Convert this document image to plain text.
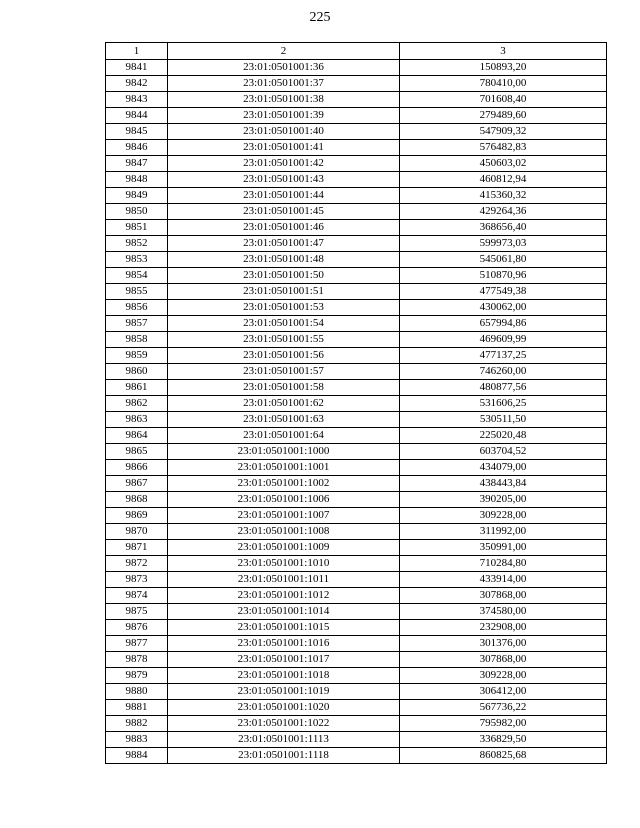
225
1	2	3
9841	23:01:0501001:36	150893,20
9842	23:01:0501001:37	780410,00
9843	23:01:0501001:38	701608,40
9844	23:01:0501001:39	279489,60
9845	23:01:0501001:40	547909,32
9846	23:01:0501001:41	576482,83
9847	23:01:0501001:42	450603,02
9848	23:01:0501001:43	460812,94
9849	23:01:0501001:44	415360,32
9850	23:01:0501001:45	429264,36
9851	23:01:0501001:46	368656,40
9852	23:01:0501001:47	599973,03
9853	23:01:0501001:48	545061,80
9854	23:01:0501001:50	510870,96
9855	23:01:0501001:51	477549,38
9856	23:01:0501001:53	430062,00
9857	23:01:0501001:54	657994,86
9858	23:01:0501001:55	469609,99
9859	23:01:0501001:56	477137,25
9860	23:01:0501001:57	746260,00
9861	23:01:0501001:58	480877,56
9862	23:01:0501001:62	531606,25
9863	23:01:0501001:63	530511,50
9864	23:01:0501001:64	225020,48
9865	23:01:0501001:1000	603704,52
9866	23:01:0501001:1001	434079,00
9867	23:01:0501001:1002	438443,84
9868	23:01:0501001:1006	390205,00
9869	23:01:0501001:1007	309228,00
9870	23:01:0501001:1008	311992,00
9871	23:01:0501001:1009	350991,00
9872	23:01:0501001:1010	710284,80
9873	23:01:0501001:1011	433914,00
9874	23:01:0501001:1012	307868,00
9875	23:01:0501001:1014	374580,00
9876	23:01:0501001:1015	232908,00
9877	23:01:0501001:1016	301376,00
9878	23:01:0501001:1017	307868,00
9879	23:01:0501001:1018	309228,00
9880	23:01:0501001:1019	306412,00
9881	23:01:0501001:1020	567736,22
9882	23:01:0501001:1022	795982,00
9883	23:01:0501001:1113	336829,50
9884	23:01:0501001:1118	860825,68
